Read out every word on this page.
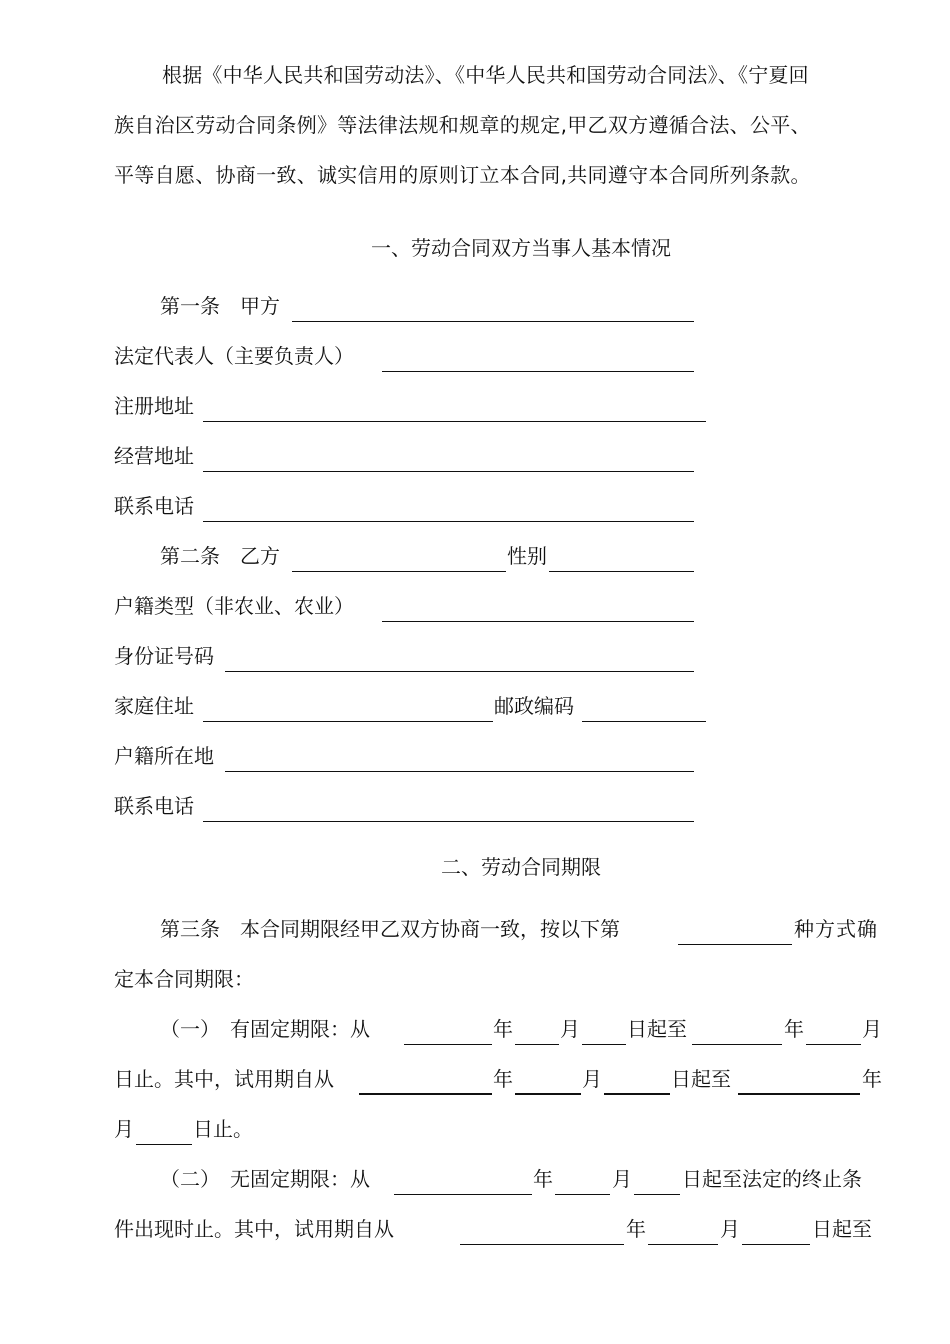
根据《中华人民共和国劳动法》、《中华人民共和国劳动合同法》、《宁夏回
族自治区劳动合同条例》等法律法规和规章的规定,甲乙双方遵循合法、公平、
平等自愿、协商一致、诚实信用的原则订立本合同,共同遵守本合同所列条款。
一、劳动合同双方当事人基本情况
第一条　甲方
法定代表人（主要负责人）
注册地址
经营地址
联系电话
第二条　乙方	性别
户籍类型（非农业、农业）
身份证号码
家庭住址	邮政编码
户籍所在地
联系电话
二、劳动合同期限
第三条　本合同期限经甲乙双方协商一致，按以下第	种方式确
定本合同期限：
（一）　有固定期限：从	年 月 日起至	年	月
日止。其中，试用期自从	年	月	日起至	年
月	日止。
（二）　无固定期限：从	年	月	日起至法定的终止条
件出现时止。其中，试用期自从	年	月	日起至
